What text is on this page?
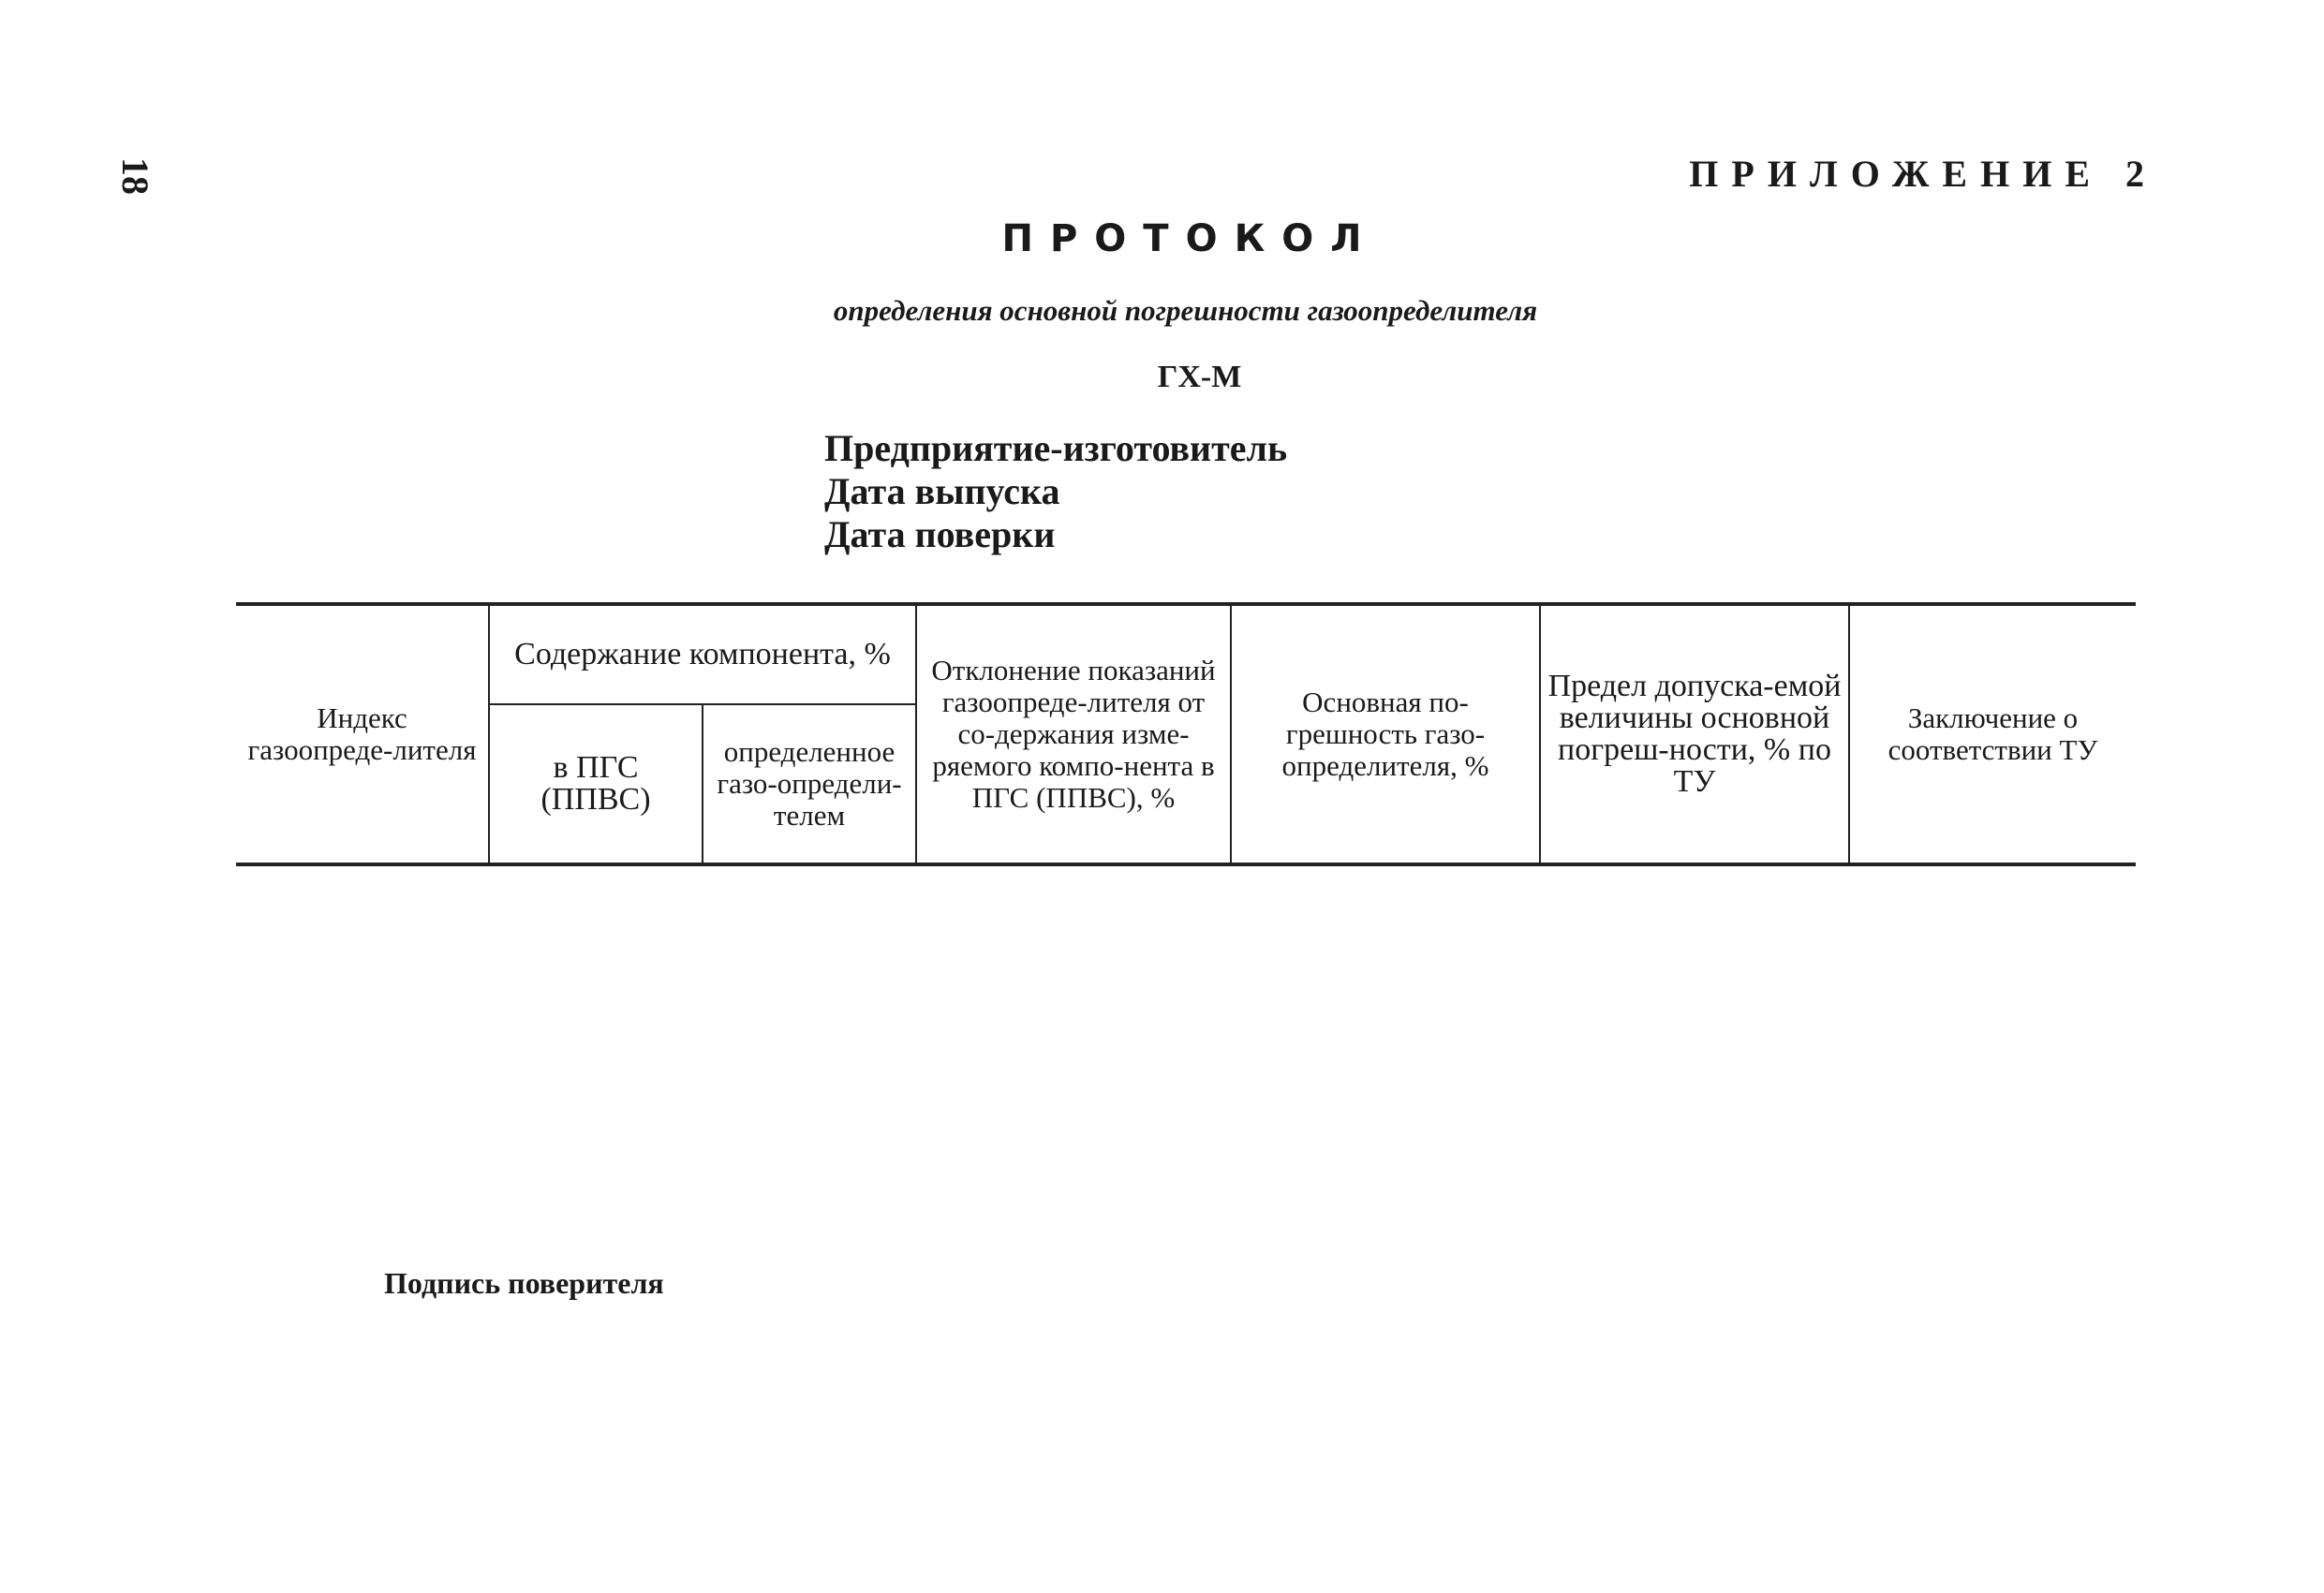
18	ПРИЛОЖЕНИЕ 2
ПРОТОКОЛ
определения основной погрешности газоопределителя
ГХ-М
Предприятие-изготовитель
Дата выпуска
Дата поверки
Индекс газоопреде-лителя	Содержание компонента, %		Отклонение показаний газоопреде-лителя от со-держания изме-ряемого компо-нента в ПГС (ППВС), %	Основная по-грешность газо-определителя, %	Предел допуска-емой величины основной погреш-ности, % по ТУ	Заключение о соответствии ТУ
	в ПГС (ППВС)	определенное газо-определи-телем				
Подпись поверителя
